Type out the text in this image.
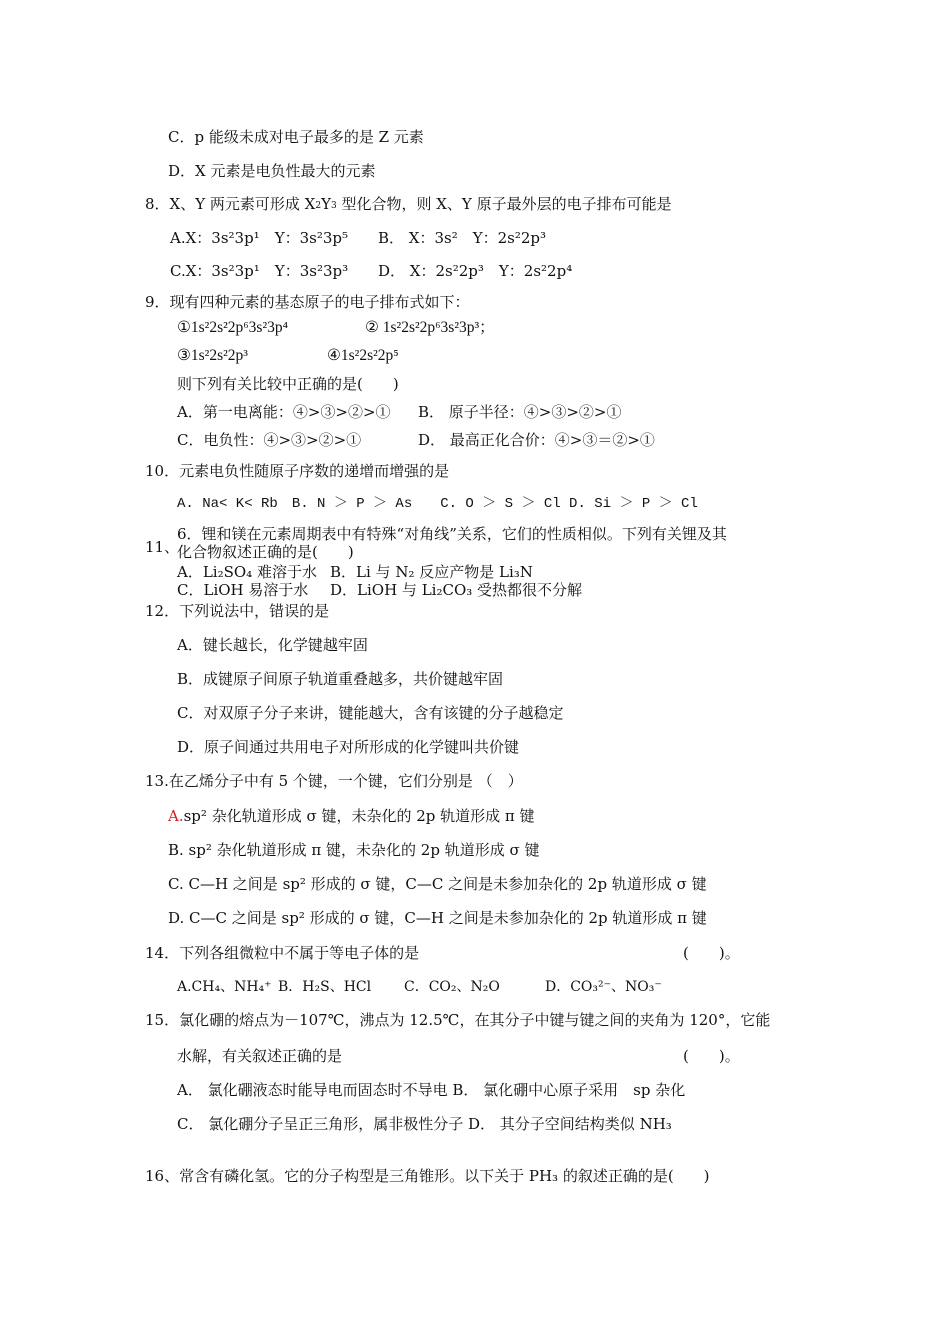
C．p 能级未成对电子最多的是 Z 元素
D．X 元素是电负性最大的元素
8．X、Y 两元素可形成 $X_2Y_3$ 型化合物，则 X、Y 原子最外层的电子排布可能是
A.X：3s²3p¹　Y：3s²3p⁵ B． X：3s²　Y：2s²2p³
C.X：3s²3p¹　Y：3s²3p³ D． X：2s²2p³　Y：2s²2p⁴
9．现有四种元素的基态原子的电子排布式如下：
①1s²2s²2p⁶3s²3p⁴	② 1s²2s²2p⁶3s²3p³；
③1s²2s²2p³	④1s²2s²2p⁵
则下列有关比较中正确的是(　　)
A．第一电离能：④>③>②>① B． 原子半径：④>③>②>①
C．电负性：④>③>②>①	D． 最高正化合价：④>③＝②>①
10．元素电负性随原子序数的递增而增强的是
A. Na< K< Rb　B. N ＞ P ＞ As　　C. O ＞ S ＞ Cl D. Si ＞ P ＞ Cl
11、
6．锂和镁在元素周期表中有特殊“对角线”关系，它们的性质相似。下列有关锂及其
化合物叙述正确的是(　　)
A．Li₂SO₄ 难溶于水 B．Li 与 N₂ 反应产物是 Li₃N
C．LiOH 易溶于水 D．LiOH 与 Li₂CO₃ 受热都很不分解
12．下列说法中，错误的是
A．键长越长，化学键越牢固
B．成键原子间原子轨道重叠越多，共价键越牢固
C．对双原子分子来讲，键能越大，含有该键的分子越稳定
D．原子间通过共用电子对所形成的化学键叫共价键
13.在乙烯分子中有 5 个键，一个键，它们分别是 （　）
A.sp² 杂化轨道形成 σ 键，未杂化的 2p 轨道形成 π 键
B. sp² 杂化轨道形成 π 键，未杂化的 2p 轨道形成 σ 键
C. C—H 之间是 sp² 形成的 σ 键，C—C 之间是未参加杂化的 2p 轨道形成 σ 键
D. C—C 之间是 sp² 形成的 σ 键，C—H 之间是未参加杂化的 2p 轨道形成 π 键
14．下列各组微粒中不属于等电子体的是	(　　)。
A.CH₄、NH₄⁺ B．H₂S、HCl C．CO₂、N₂O	D．CO₃²⁻、NO₃⁻
15．氯化硼的熔点为－107℃，沸点为 12.5℃，在其分子中键与键之间的夹角为 120°，它能
水解，有关叙述正确的是	(　　)。
A． 氯化硼液态时能导电而固态时不导电 B． 氯化硼中心原子采用　sp 杂化
C． 氯化硼分子呈正三角形，属非极性分子 D． 其分子空间结构类似 NH₃
16、常含有磷化氢。它的分子构型是三角锥形。以下关于 PH₃ 的叙述正确的是(　　)
